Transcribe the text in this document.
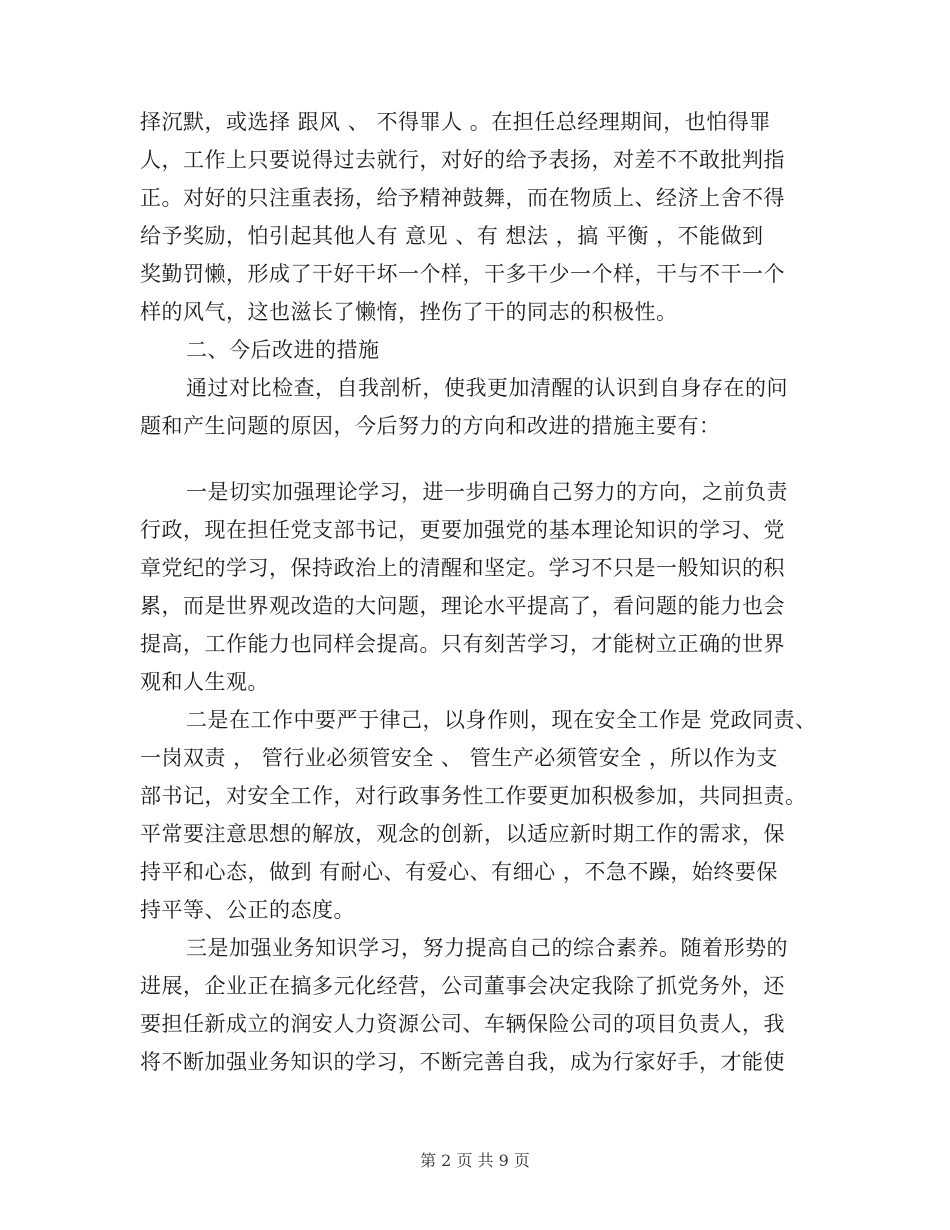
择沉默，或选择 跟风 、 不得罪人 。在担任总经理期间，也怕得罪
人，工作上只要说得过去就行，对好的给予表扬，对差不不敢批判指
正。对好的只注重表扬，给予精神鼓舞，而在物质上、经济上舍不得
给予奖励，怕引起其他人有 意见 、有 想法 ，搞 平衡 ，不能做到
奖勤罚懒，形成了干好干坏一个样，干多干少一个样，干与不干一个
样的风气，这也滋长了懒惰，挫伤了干的同志的积极性。
二、今后改进的措施
通过对比检查，自我剖析，使我更加清醒的认识到自身存在的问
题和产生问题的原因，今后努力的方向和改进的措施主要有：
一是切实加强理论学习，进一步明确自己努力的方向，之前负责
行政，现在担任党支部书记，更要加强党的基本理论知识的学习、党
章党纪的学习，保持政治上的清醒和坚定。学习不只是一般知识的积
累，而是世界观改造的大问题，理论水平提高了，看问题的能力也会
提高，工作能力也同样会提高。只有刻苦学习，才能树立正确的世界
观和人生观。
二是在工作中要严于律己，以身作则，现在安全工作是 党政同责、
一岗双责 ， 管行业必须管安全 、 管生产必须管安全 ，所以作为支
部书记，对安全工作，对行政事务性工作要更加积极参加，共同担责。
平常要注意思想的解放，观念的创新，以适应新时期工作的需求，保
持平和心态，做到 有耐心、有爱心、有细心 ，不急不躁，始终要保
持平等、公正的态度。
三是加强业务知识学习，努力提高自己的综合素养。随着形势的
进展，企业正在搞多元化经营，公司董事会决定我除了抓党务外，还
要担任新成立的润安人力资源公司、车辆保险公司的项目负责人，我
将不断加强业务知识的学习，不断完善自我，成为行家好手，才能使
第 2 页 共 9 页
